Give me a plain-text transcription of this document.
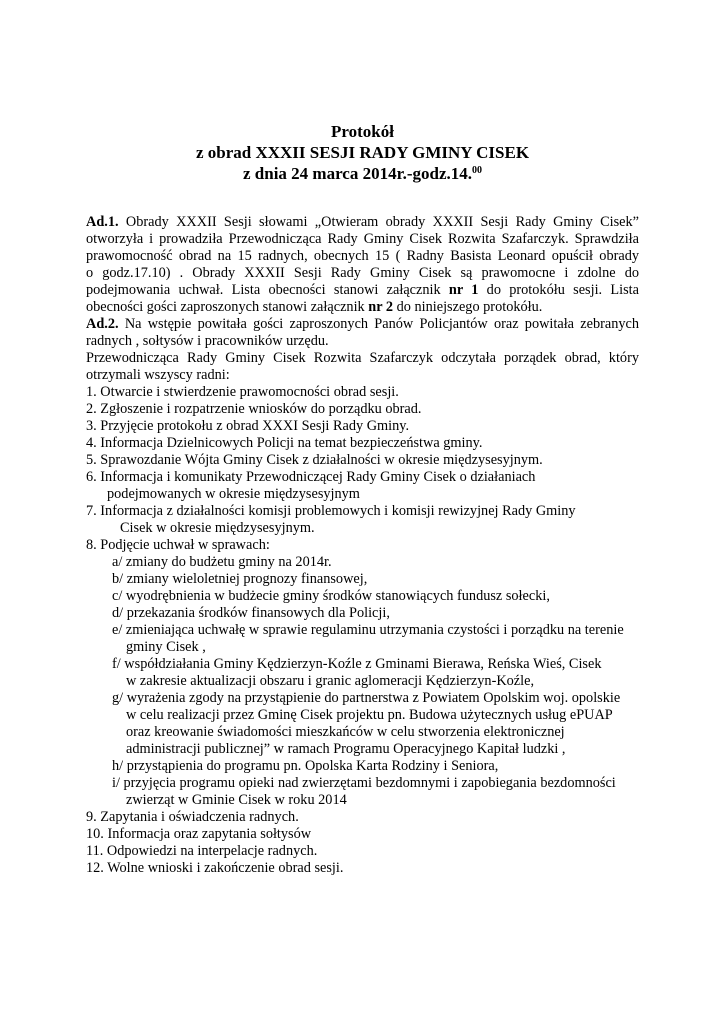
Protokół
z obrad XXXII SESJI RADY GMINY CISEK
z dnia 24 marca 2014r.-godz.14.00
Ad.1. Obrady XXXII Sesji słowami „Otwieram obrady XXXII Sesji Rady Gminy Cisek”
otworzyła i prowadziła Przewodnicząca Rady Gminy Cisek Rozwita Szafarczyk. Sprawdziła
prawomocność obrad na 15 radnych, obecnych 15 ( Radny Basista Leonard opuścił obrady
o godz.17.10) . Obrady XXXII Sesji Rady Gminy Cisek są prawomocne i zdolne do
podejmowania uchwał. Lista obecności stanowi załącznik nr 1 do protokółu sesji. Lista
obecności gości zaproszonych stanowi załącznik nr 2 do niniejszego protokółu.
Ad.2. Na wstępie powitała gości zaproszonych Panów Policjantów oraz powitała zebranych
radnych , sołtysów i pracowników urzędu.
Przewodnicząca Rady Gminy Cisek Rozwita Szafarczyk odczytała porządek obrad, który
otrzymali wszyscy radni:
1. Otwarcie i stwierdzenie prawomocności obrad sesji.
2. Zgłoszenie i rozpatrzenie wniosków do porządku obrad.
3. Przyjęcie protokołu z obrad XXXI Sesji Rady Gminy.
4. Informacja Dzielnicowych Policji na temat bezpieczeństwa gminy.
5. Sprawozdanie Wójta Gminy Cisek z działalności w okresie międzysesyjnym.
6. Informacja i komunikaty Przewodniczącej Rady Gminy Cisek o działaniach
podejmowanych w okresie międzysesyjnym
7. Informacja z działalności komisji problemowych i komisji rewizyjnej Rady Gminy
Cisek w okresie międzysesyjnym.
8. Podjęcie uchwał w sprawach:
a/ zmiany do budżetu gminy na 2014r.
b/ zmiany wieloletniej prognozy finansowej,
c/ wyodrębnienia w budżecie gminy środków stanowiących fundusz sołecki,
d/ przekazania środków finansowych dla Policji,
e/ zmieniająca uchwałę w sprawie regulaminu utrzymania czystości i porządku na terenie
gminy Cisek ,
f/ współdziałania Gminy Kędzierzyn-Koźle z Gminami Bierawa, Reńska Wieś, Cisek
w zakresie aktualizacji obszaru i granic aglomeracji Kędzierzyn-Koźle,
g/ wyrażenia zgody na przystąpienie do partnerstwa z Powiatem Opolskim woj. opolskie
w celu realizacji przez Gminę Cisek projektu pn. Budowa użytecznych usług ePUAP
oraz kreowanie świadomości mieszkańców w celu stworzenia elektronicznej
administracji publicznej” w ramach Programu Operacyjnego Kapitał ludzki ,
h/ przystąpienia do programu pn. Opolska Karta Rodziny i Seniora,
i/ przyjęcia programu opieki nad zwierzętami bezdomnymi i zapobiegania bezdomności
zwierząt w Gminie Cisek w roku 2014
9. Zapytania i oświadczenia radnych.
10. Informacja oraz zapytania sołtysów
11. Odpowiedzi na interpelacje radnych.
12. Wolne wnioski i zakończenie obrad sesji.
